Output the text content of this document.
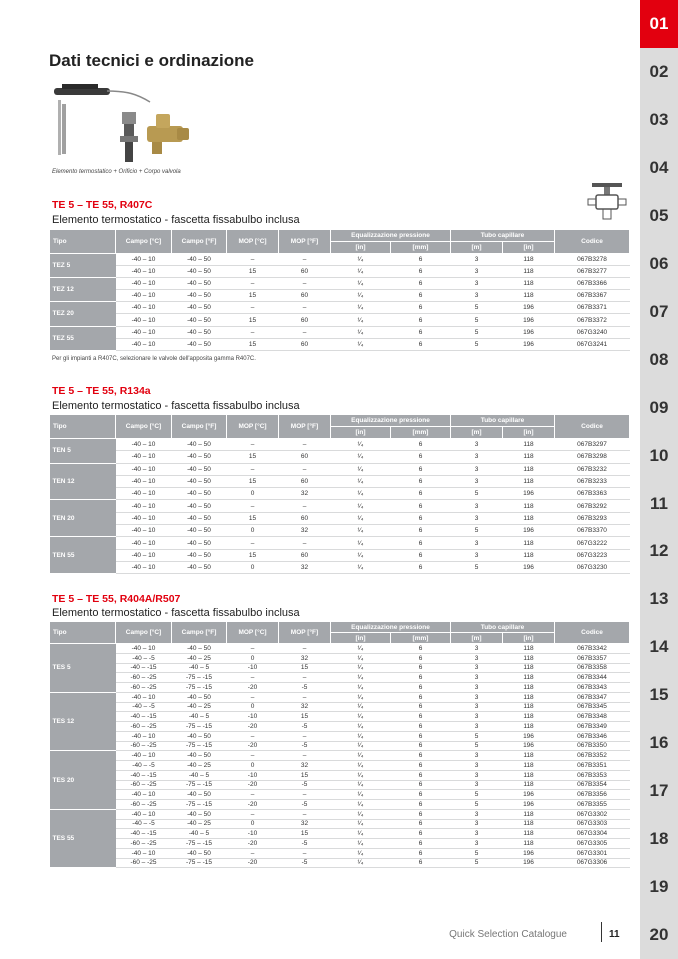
Dati tecnici e ordinazione
Elemento termostatico + Orificio + Corpo valvola
TE 5 – TE 55, R407C
Elemento termostatico - fascetta fissabulbo inclusa
Tipo	Campo [°C]	Campo [°F]	MOP [°C]	MOP [°F]	Equalizzazione pressione		Tubo capillare		Codice
					[in]	[mm]	[m]	[in]	
TEZ 5	-40 – 10	-40 – 50	–	–	¹⁄₄	6	3	118	067B3278
	-40 – 10	-40 – 50	15	60	¹⁄₄	6	3	118	067B3277
TEZ 12	-40 – 10	-40 – 50	–	–	¹⁄₄	6	3	118	067B3366
	-40 – 10	-40 – 50	15	60	¹⁄₄	6	3	118	067B3367
TEZ 20	-40 – 10	-40 – 50	–	–	¹⁄₄	6	5	196	067B3371
	-40 – 10	-40 – 50	15	60	¹⁄₄	6	5	196	067B3372
TEZ 55	-40 – 10	-40 – 50	–	–	¹⁄₄	6	5	196	067G3240
	-40 – 10	-40 – 50	15	60	¹⁄₄	6	5	196	067G3241
Per gli impianti a R407C, selezionare le valvole dell'apposita gamma R407C.
TE 5 – TE 55, R134a
Elemento termostatico - fascetta fissabulbo inclusa
Tipo	Campo [°C]	Campo [°F]	MOP [°C]	MOP [°F]	Equalizzazione pressione		Tubo capillare		Codice
					[in]	[mm]	[m]	[in]	
TEN 5	-40 – 10	-40 – 50	–	–	¹⁄₄	6	3	118	067B3297
	-40 – 10	-40 – 50	15	60	¹⁄₄	6	3	118	067B3298
TEN 12	-40 – 10	-40 – 50	–	–	¹⁄₄	6	3	118	067B3232
	-40 – 10	-40 – 50	15	60	¹⁄₄	6	3	118	067B3233
	-40 – 10	-40 – 50	0	32	¹⁄₄	6	5	196	067B3363
TEN 20	-40 – 10	-40 – 50	–	–	¹⁄₄	6	3	118	067B3292
	-40 – 10	-40 – 50	15	60	¹⁄₄	6	3	118	067B3293
	-40 – 10	-40 – 50	0	32	¹⁄₄	6	5	196	067B3370
TEN 55	-40 – 10	-40 – 50	–	–	¹⁄₄	6	3	118	067G3222
	-40 – 10	-40 – 50	15	60	¹⁄₄	6	3	118	067G3223
	-40 – 10	-40 – 50	0	32	¹⁄₄	6	5	196	067G3230
TE 5 – TE 55, R404A/R507
Elemento termostatico - fascetta fissabulbo inclusa
Tipo	Campo [°C]	Campo [°F]	MOP [°C]	MOP [°F]	Equalizzazione pressione		Tubo capillare		Codice
					[in]	[mm]	[m]	[in]	
TES 5	-40 – 10	-40 – 50	–	–	¹⁄₄	6	3	118	067B3342
	-40 – -5	-40 – 25	0	32	¹⁄₄	6	3	118	067B3357
	-40 – -15	-40 – 5	-10	15	¹⁄₄	6	3	118	067B3358
	-60 – -25	-75 – -15	–	–	¹⁄₄	6	3	118	067B3344
	-60 – -25	-75 – -15	-20	-5	¹⁄₄	6	3	118	067B3343
TES 12	-40 – 10	-40 – 50	–	–	¹⁄₄	6	3	118	067B3347
	-40 – -5	-40 – 25	0	32	¹⁄₄	6	3	118	067B3345
	-40 – -15	-40 – 5	-10	15	¹⁄₄	6	3	118	067B3348
	-60 – -25	-75 – -15	-20	-5	¹⁄₄	6	3	118	067B3349
	-40 – 10	-40 – 50	–	–	¹⁄₄	6	5	196	067B3346
	-60 – -25	-75 – -15	-20	-5	¹⁄₄	6	5	196	067B3350
TES 20	-40 – 10	-40 – 50	–	–	¹⁄₄	6	3	118	067B3352
	-40 – -5	-40 – 25	0	32	¹⁄₄	6	3	118	067B3351
	-40 – -15	-40 – 5	-10	15	¹⁄₄	6	3	118	067B3353
	-60 – -25	-75 – -15	-20	-5	¹⁄₄	6	3	118	067B3354
	-40 – 10	-40 – 50	–	–	¹⁄₄	6	5	196	067B3356
	-60 – -25	-75 – -15	-20	-5	¹⁄₄	6	5	196	067B3355
TES 55	-40 – 10	-40 – 50	–	–	¹⁄₄	6	3	118	067G3302
	-40 – -5	-40 – 25	0	32	¹⁄₄	6	3	118	067G3303
	-40 – -15	-40 – 5	-10	15	¹⁄₄	6	3	118	067G3304
	-60 – -25	-75 – -15	-20	-5	¹⁄₄	6	3	118	067G3305
	-40 – 10	-40 – 50	–	–	¹⁄₄	6	5	196	067G3301
	-60 – -25	-75 – -15	-20	-5	¹⁄₄	6	5	196	067G3306
Quick Selection Catalogue	11
01
02
03
04
05
06
07
08
09
10
11
12
13
14
15
16
17
18
19
20
